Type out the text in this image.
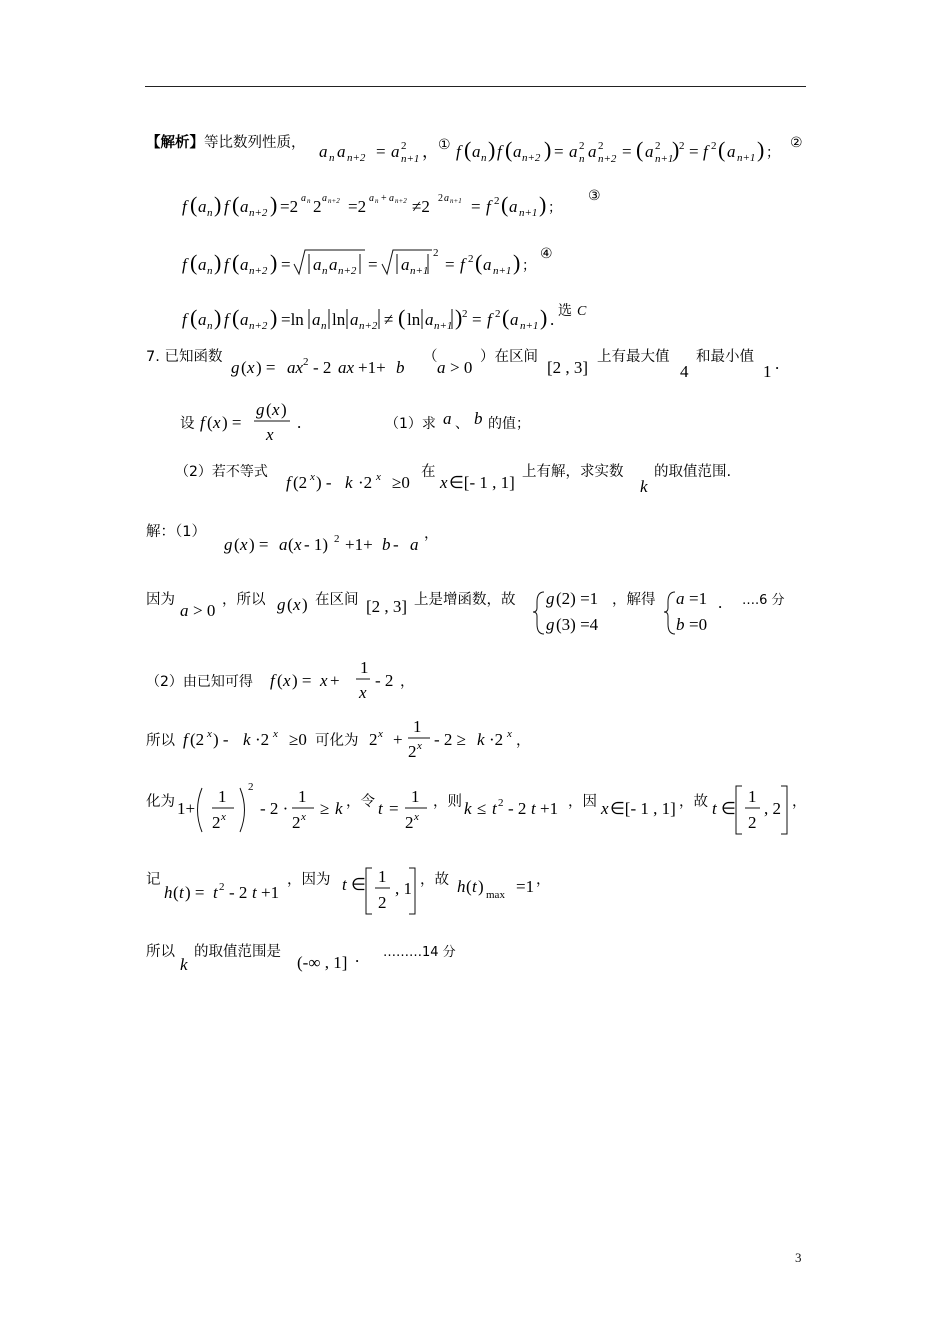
【解析】 等比数列性质， a n a n+2 = a 2
n+1 ， ① f ( a n ) f ( a n+2 ) = a 2
n a 2
n+2 = ( a 2
n+1
) 2 = f 2 ( a n+1 ) ；
②
f ( a n ) f ( a n+2 ) =2 a n 2 a n+2 =2 a n + a n+2 ≠2 2 a n+1 = f 2 ( a n+1 ) ；
③
f ( a n ) f ( a n+2 ) = a n a n+2 = a n+1
2
= f 2 ( a n+1 ) ；
④
f ( a n ) f ( a n+2 ) =ln a n ln a n+2 ≠ ( ln a n+1 ) 2 = f 2 ( a n+1 ) . 选 C
7. 已知函数
g ( x ) = ax 2 - 2 ax +1+ b
（
a > 0
）在区间
[2 , 3]
上有最大值
4
和最小值
1 .
设 f ( x ) =
g ( x )
x
.	（1）求 a 、 b 的值；
（2）若不等式
f (2 x ) - k ·2 x ≥0
在
x ∈[- 1 , 1]
上有解，求实数
k
的取值范围.
解：（1）
g ( x ) = a ( x - 1) 2 +1+ b - a
，
因为
a > 0
，所以 g ( x ) 在区间 [2 , 3] 上是增函数，故 g (2) =1
g (3) =4
，解得 a =1
b =0
. ….6 分
（2）由已知可得 f ( x ) = x +
1
x
- 2 ，
所以 f (2 x ) - k ·2 x ≥0 可化为 2 x +
1
2 x - 2 ≥ k ·2 x ，
化为 1+
1
2 x
2
- 2 ·
1
2 x ≥ k ，令 t =
1
2 x
，则 k ≤ t 2 - 2 t +1 ，因 x ∈[- 1 , 1] ，故 t ∈
1
2
, 2 ，
记
h ( t ) = t 2 - 2 t +1
，因为 t ∈ 1
2
, 1 ，故 h ( t ) max =1 ，
所以
k
的取值范围是
(-∞ , 1] . ………14 分
3
